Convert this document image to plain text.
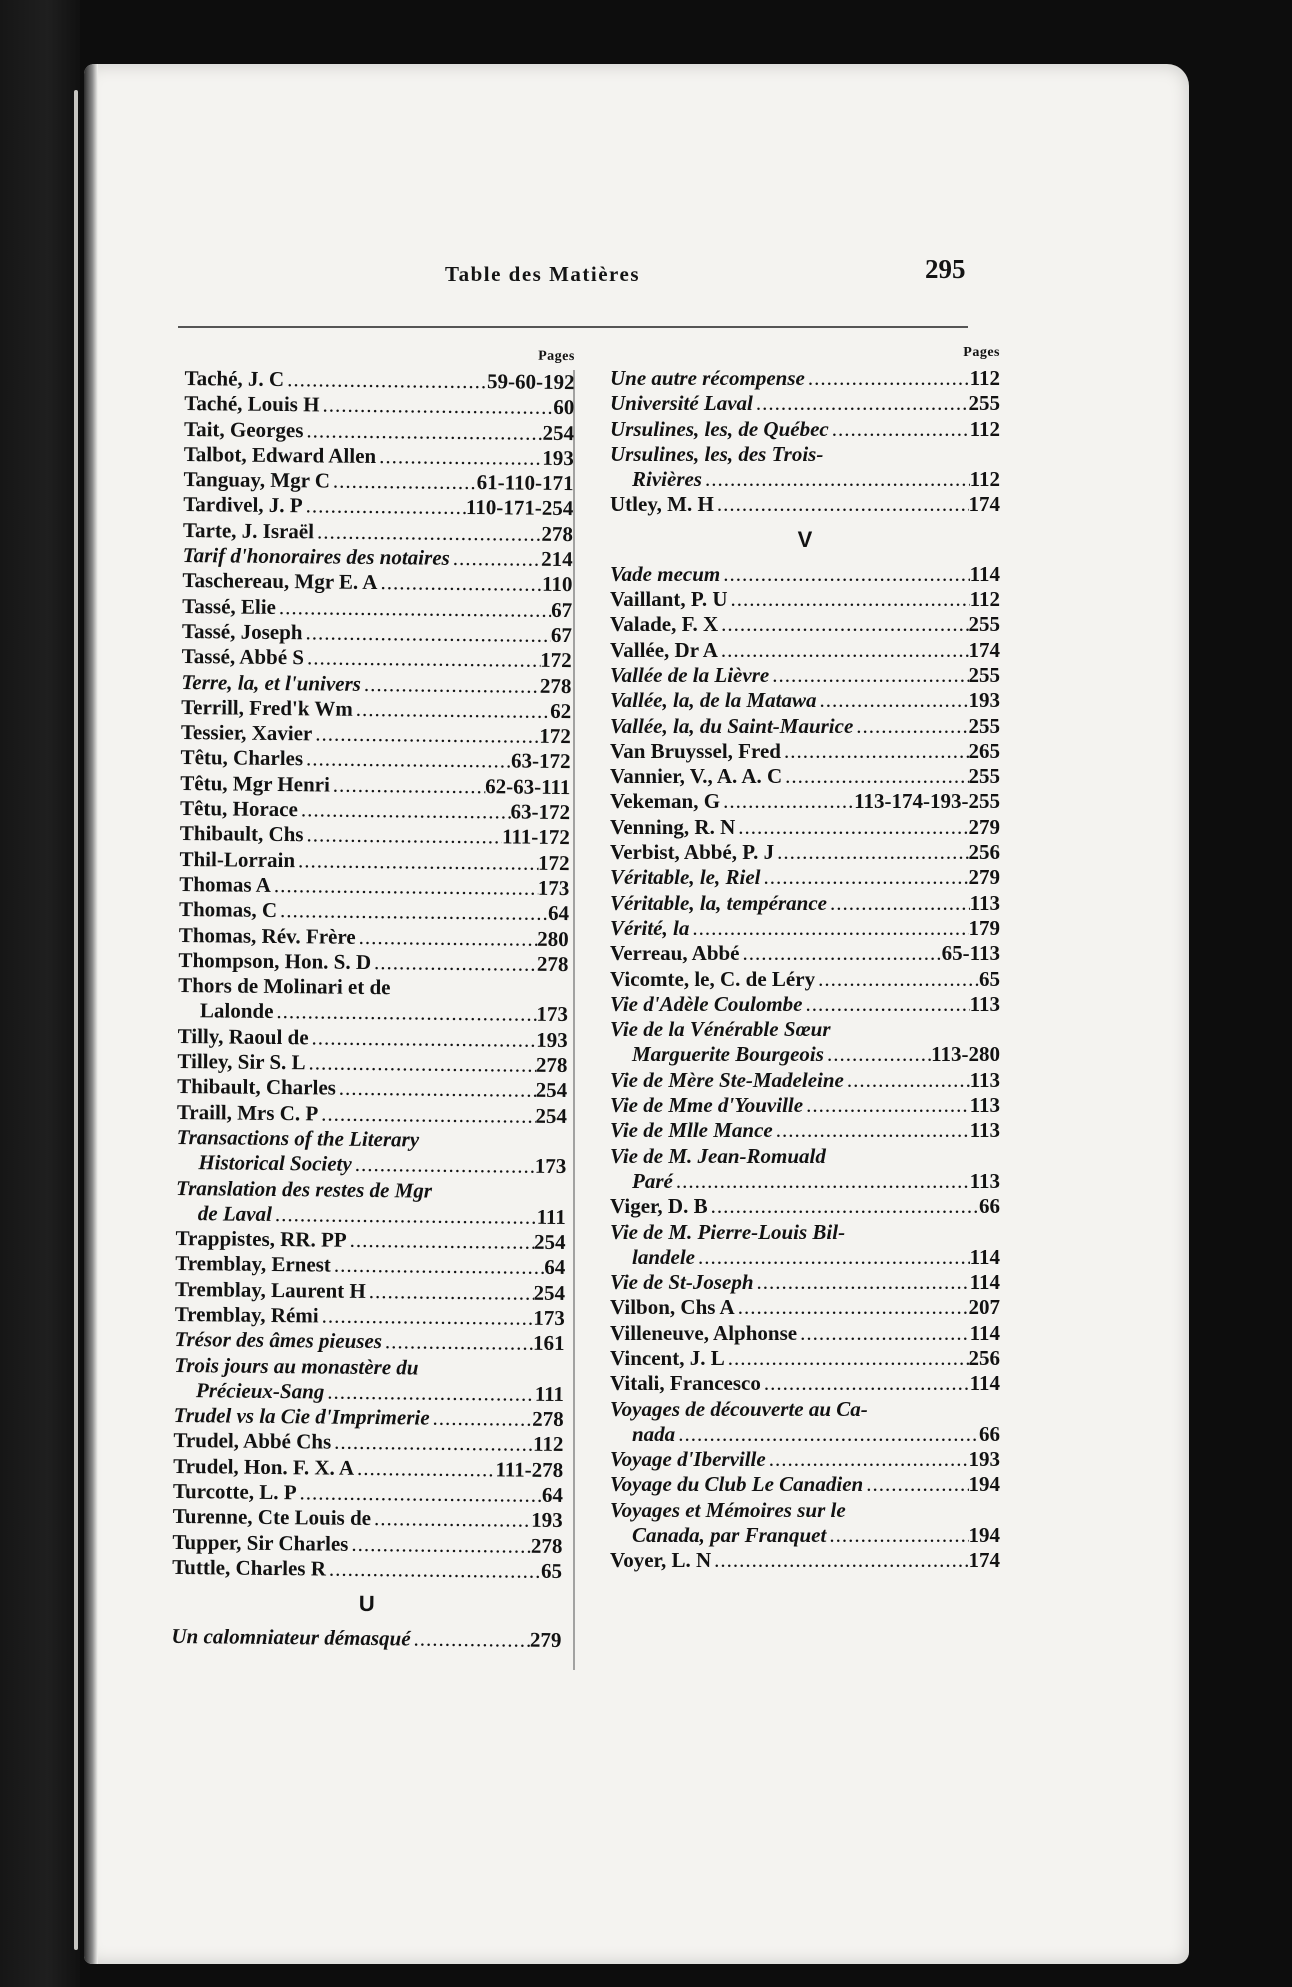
Table des Matières	295
Pages
Taché, J. C .....	59-60-192
Taché, Louis H .....	60
Tait, Georges .....	254
Talbot, Edward Allen .....	193
Tanguay, Mgr C .....	61-110-171
Tardivel, J. P .....	110-171-254
Tarte, J. Israël .....	278
Tarif d'honoraires des notaires .....	214
Taschereau, Mgr E. A .....	110
Tassé, Elie .....	67
Tassé, Joseph .....	67
Tassé, Abbé S .....	172
Terre, la, et l'univers .....	278
Terrill, Fred'k Wm .....	62
Tessier, Xavier .....	172
Têtu, Charles .....	63-172
Têtu, Mgr Henri .....	62-63-111
Têtu, Horace .....	63-172
Thibault, Chs .....	111-172
Thil-Lorrain .....	172
Thomas A .....	173
Thomas, C .....	64
Thomas, Rév. Frère .....	280
Thompson, Hon. S. D .....	278
Thors de Molinari et de
Lalonde .....	173
Tilly, Raoul de .....	193
Tilley, Sir S. L .....	278
Thibault, Charles .....	254
Traill, Mrs C. P .....	254
Transactions of the Literary
Historical Society .....	173
Translation des restes de Mgr
de Laval .....	111
Trappistes, RR. PP .....	254
Tremblay, Ernest .....	64
Tremblay, Laurent H .....	254
Tremblay, Rémi .....	173
Trésor des âmes pieuses .....	161
Trois jours au monastère du
Précieux-Sang .....	111
Trudel vs la Cie d'Imprimerie .....	278
Trudel, Abbé Chs .....	112
Trudel, Hon. F. X. A .....	111-278
Turcotte, L. P .....	64
Turenne, Cte Louis de .....	193
Tupper, Sir Charles .....	278
Tuttle, Charles R .....	65
U
Un calomniateur démasqué .....	279
Pages
Une autre récompense .....	112
Université Laval .....	255
Ursulines, les, de Québec .....	112
Ursulines, les, des Trois-
Rivières .....	112
Utley, M. H .....	174
V
Vade mecum .....	114
Vaillant, P. U .....	112
Valade, F. X .....	255
Vallée, Dr A .....	174
Vallée de la Lièvre .....	255
Vallée, la, de la Matawa .....	193
Vallée, la, du Saint-Maurice .....	255
Van Bruyssel, Fred .....	265
Vannier, V., A. A. C .....	255
Vekeman, G .....	113-174-193-255
Venning, R. N .....	279
Verbist, Abbé, P. J .....	256
Véritable, le, Riel .....	279
Véritable, la, tempérance .....	113
Vérité, la .....	179
Verreau, Abbé .....	65-113
Vicomte, le, C. de Léry .....	65
Vie d'Adèle Coulombe .....	113
Vie de la Vénérable Sœur
Marguerite Bourgeois .....	113-280
Vie de Mère Ste-Madeleine .....	113
Vie de Mme d'Youville .....	113
Vie de Mlle Mance .....	113
Vie de M. Jean-Romuald
Paré .....	113
Viger, D. B .....	66
Vie de M. Pierre-Louis Bil-
landele .....	114
Vie de St-Joseph .....	114
Vilbon, Chs A .....	207
Villeneuve, Alphonse .....	114
Vincent, J. L .....	256
Vitali, Francesco .....	114
Voyages de découverte au Ca-
nada .....	66
Voyage d'Iberville .....	193
Voyage du Club Le Canadien .....	194
Voyages et Mémoires sur le
Canada, par Franquet .....	194
Voyer, L. N .....	174
